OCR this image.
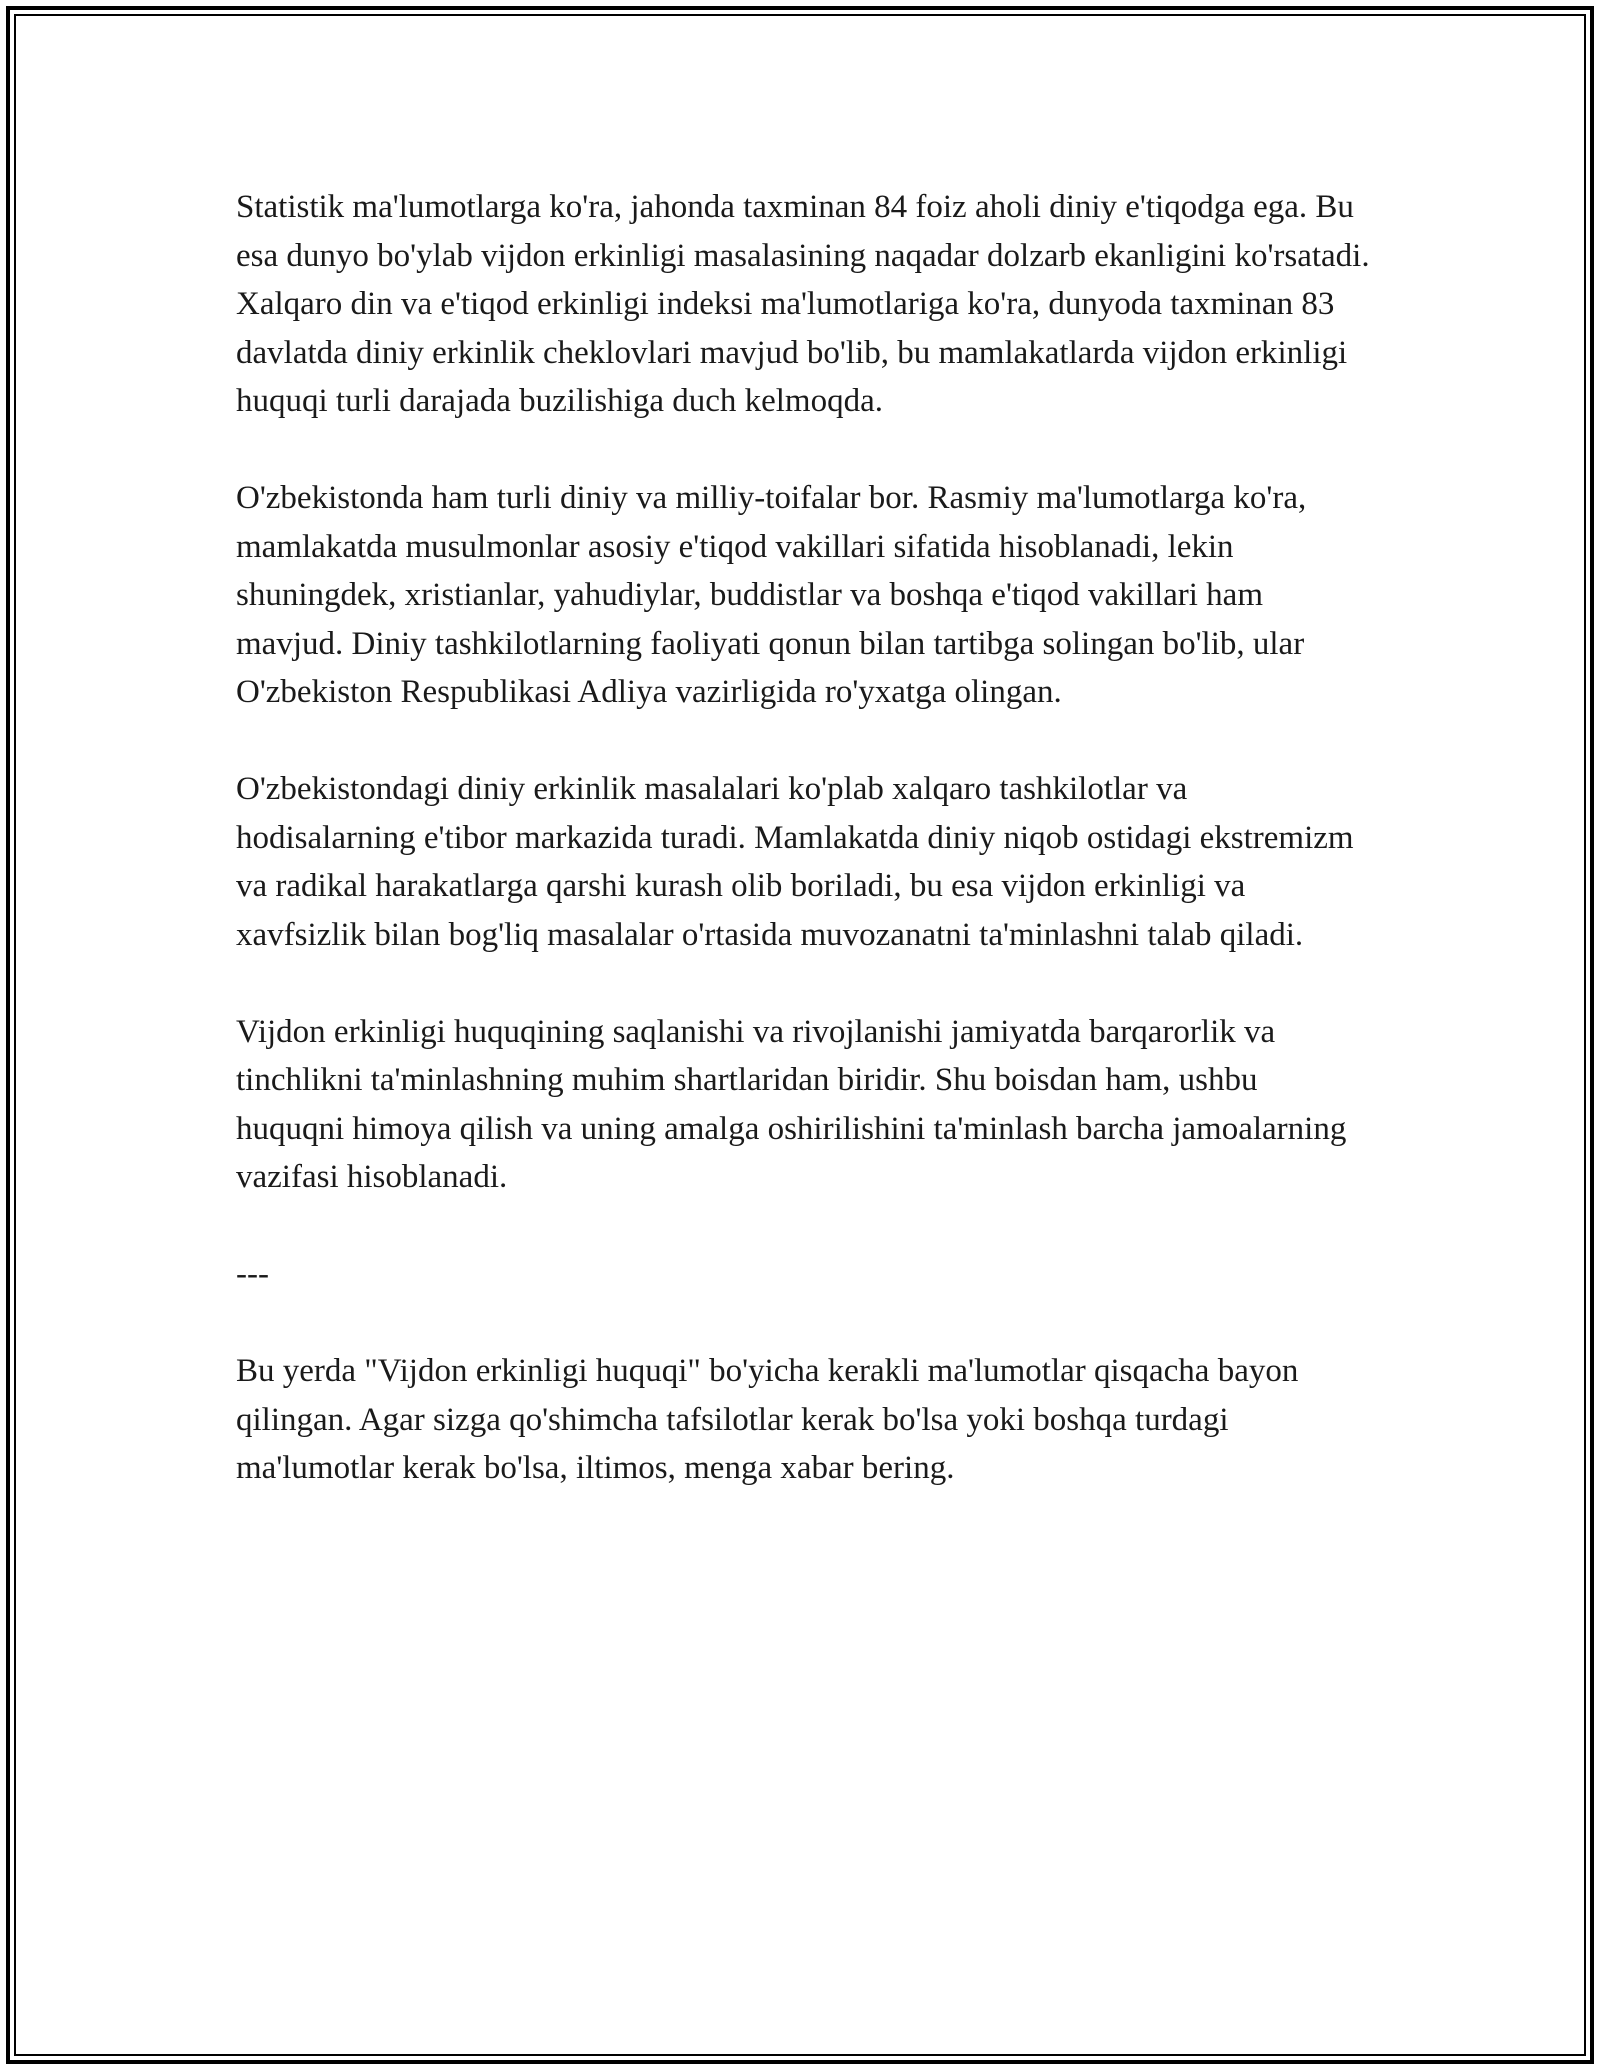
Statistik ma'lumotlarga ko'ra, jahonda taxminan 84 foiz aholi diniy e'tiqodga ega. Bu esa dunyo bo'ylab vijdon erkinligi masalasining naqadar dolzarb ekanligini ko'rsatadi. Xalqaro din va e'tiqod erkinligi indeksi ma'lumotlariga ko'ra, dunyoda taxminan 83 davlatda diniy erkinlik cheklovlari mavjud bo'lib, bu mamlakatlarda vijdon erkinligi huquqi turli darajada buzilishiga duch kelmoqda.

O'zbekistonda ham turli diniy va milliy-toifalar bor. Rasmiy ma'lumotlarga ko'ra, mamlakatda musulmonlar asosiy e'tiqod vakillari sifatida hisoblanadi, lekin shuningdek, xristianlar, yahudiylar, buddistlar va boshqa e'tiqod vakillari ham mavjud. Diniy tashkilotlarning faoliyati qonun bilan tartibga solingan bo'lib, ular O'zbekiston Respublikasi Adliya vazirligida ro'yxatga olingan.

O'zbekistondagi diniy erkinlik masalalari ko'plab xalqaro tashkilotlar va hodisalarning e'tibor markazida turadi. Mamlakatda diniy niqob ostidagi ekstremizm va radikal harakatlarga qarshi kurash olib boriladi, bu esa vijdon erkinligi va xavfsizlik bilan bog'liq masalalar o'rtasida muvozanatni ta'minlashni talab qiladi.

Vijdon erkinligi huquqining saqlanishi va rivojlanishi jamiyatda barqarorlik va tinchlikni ta'minlashning muhim shartlaridan biridir. Shu boisdan ham, ushbu huquqni himoya qilish va uning amalga oshirilishini ta'minlash barcha jamoalarning vazifasi hisoblanadi.

---

Bu yerda "Vijdon erkinligi huquqi" bo'yicha kerakli ma'lumotlar qisqacha bayon qilingan. Agar sizga qo'shimcha tafsilotlar kerak bo'lsa yoki boshqa turdagi ma'lumotlar kerak bo'lsa, iltimos, menga xabar bering.
